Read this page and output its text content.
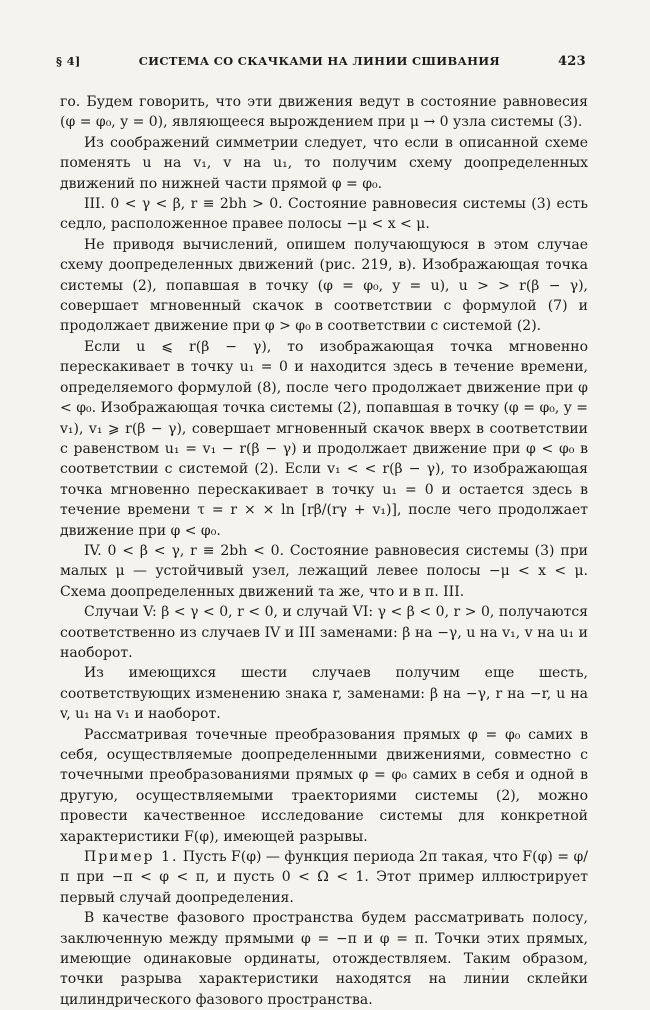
§ 4]	СИСТЕМА СО СКАЧКАМИ НА ЛИНИИ СШИВАНИЯ	423

го. Будем говорить, что эти движения ведут в состояние равновесия (φ = φ₀, y = 0), являющееся вырождением при μ → 0 узла системы (3).

Из соображений симметрии следует, что если в описанной схеме поменять u на v₁, v на u₁, то получим схему доопределенных движений по нижней части прямой φ = φ₀.

III. 0 < γ < β, r ≡ 2bh > 0. Состояние равновесия системы (3) есть седло, расположенное правее полосы −μ < x < μ.

Не приводя вычислений, опишем получающуюся в этом случае схему доопределенных движений (рис. 219, в). Изображающая точка системы (2), попавшая в точку (φ = φ₀, y = u), u > > r(β − γ), совершает мгновенный скачок в соответствии с формулой (7) и продолжает движение при φ > φ₀ в соответствии с системой (2).

Если u ⩽ r(β − γ), то изображающая точка мгновенно перескакивает в точку u₁ = 0 и находится здесь в течение времени, определяемого формулой (8), после чего продолжает движение при φ < φ₀. Изображающая точка системы (2), попавшая в точку (φ = φ₀, y = v₁), v₁ ⩾ r(β − γ), совершает мгновенный скачок вверх в соответствии с равенством u₁ = v₁ − r(β − γ) и продолжает движение при φ < φ₀ в соответствии с системой (2). Если v₁ < < r(β − γ), то изображающая точка мгновенно перескакивает в точку u₁ = 0 и остается здесь в течение времени τ = r × × ln [rβ/(rγ + v₁)], после чего продолжает движение при φ < φ₀.

IV. 0 < β < γ, r ≡ 2bh < 0. Состояние равновесия системы (3) при малых μ — устойчивый узел, лежащий левее полосы −μ < x < μ. Схема доопределенных движений та же, что и в п. III.

Случаи V: β < γ < 0, r < 0, и случай VI: γ < β < 0, r > 0, получаются соответственно из случаев IV и III заменами: β на −γ, u на v₁, v на u₁ и наоборот.

Из имеющихся шести случаев получим еще шесть, соответствующих изменению знака r, заменами: β на −γ, r на −r, u на v, u₁ на v₁ и наоборот.

Рассматривая точечные преобразования прямых φ = φ₀ самих в себя, осуществляемые доопределенными движениями, совместно с точечными преобразованиями прямых φ = φ₀ самих в себя и одной в другую, осуществляемыми траекториями системы (2), можно провести качественное исследование системы для конкретной характеристики F(φ), имеющей разрывы.

Пример 1. Пусть F(φ) — функция периода 2π такая, что F(φ) = φ/π при −π < φ < π, и пусть 0 < Ω < 1. Этот пример иллюстрирует первый случай доопределения.

В качестве фазового пространства будем рассматривать полосу, заключенную между прямыми φ = −π и φ = π. Точки этих прямых, имеющие одинаковые ординаты, отождествляем. Таким образом, точки разрыва характеристики находятся на линии склейки цилиндрического фазового пространства.
